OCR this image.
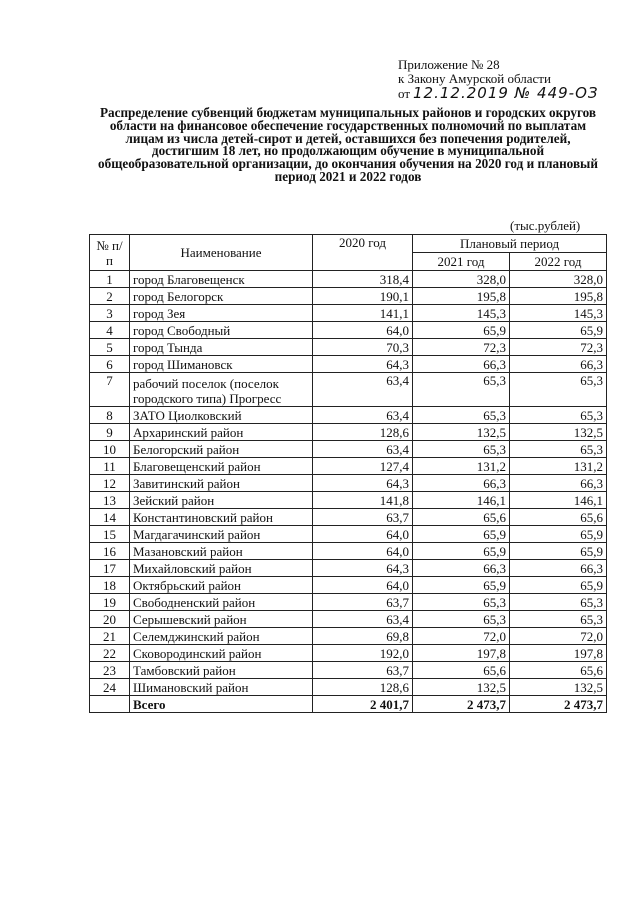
Приложение № 28
к Закону Амурской области
от 12.12.2019 № 449-ОЗ
Распределение субвенций бюджетам муниципальных районов и городских округов области на финансовое обеспечение государственных полномочий по выплатам лицам из числа детей-сирот и детей, оставшихся без попечения родителей, достигшим 18 лет, но продолжающим обучение в муниципальной общеобразовательной организации, до окончания обучения на 2020 год и плановый период 2021 и 2022 годов
(тыс.рублей)
№ п/п	Наименование	2020 год	Плановый период	
			2021 год	2022 год
1	город Благовещенск	318,4	328,0	328,0
2	город Белогорск	190,1	195,8	195,8
3	город Зея	141,1	145,3	145,3
4	город Свободный	64,0	65,9	65,9
5	город Тында	70,3	72,3	72,3
6	город Шимановск	64,3	66,3	66,3
7	рабочий поселок (поселок городского типа) Прогресс	63,4	65,3	65,3
8	ЗАТО Циолковский	63,4	65,3	65,3
9	Архаринский район	128,6	132,5	132,5
10	Белогорский район	63,4	65,3	65,3
11	Благовещенский район	127,4	131,2	131,2
12	Завитинский район	64,3	66,3	66,3
13	Зейский район	141,8	146,1	146,1
14	Константиновский район	63,7	65,6	65,6
15	Магдагачинский район	64,0	65,9	65,9
16	Мазановский район	64,0	65,9	65,9
17	Михайловский район	64,3	66,3	66,3
18	Октябрьский район	64,0	65,9	65,9
19	Свободненский район	63,7	65,3	65,3
20	Серышевский район	63,4	65,3	65,3
21	Селемджинский район	69,8	72,0	72,0
22	Сковородинский район	192,0	197,8	197,8
23	Тамбовский район	63,7	65,6	65,6
24	Шимановский район	128,6	132,5	132,5
	Всего	2 401,7	2 473,7	2 473,7
